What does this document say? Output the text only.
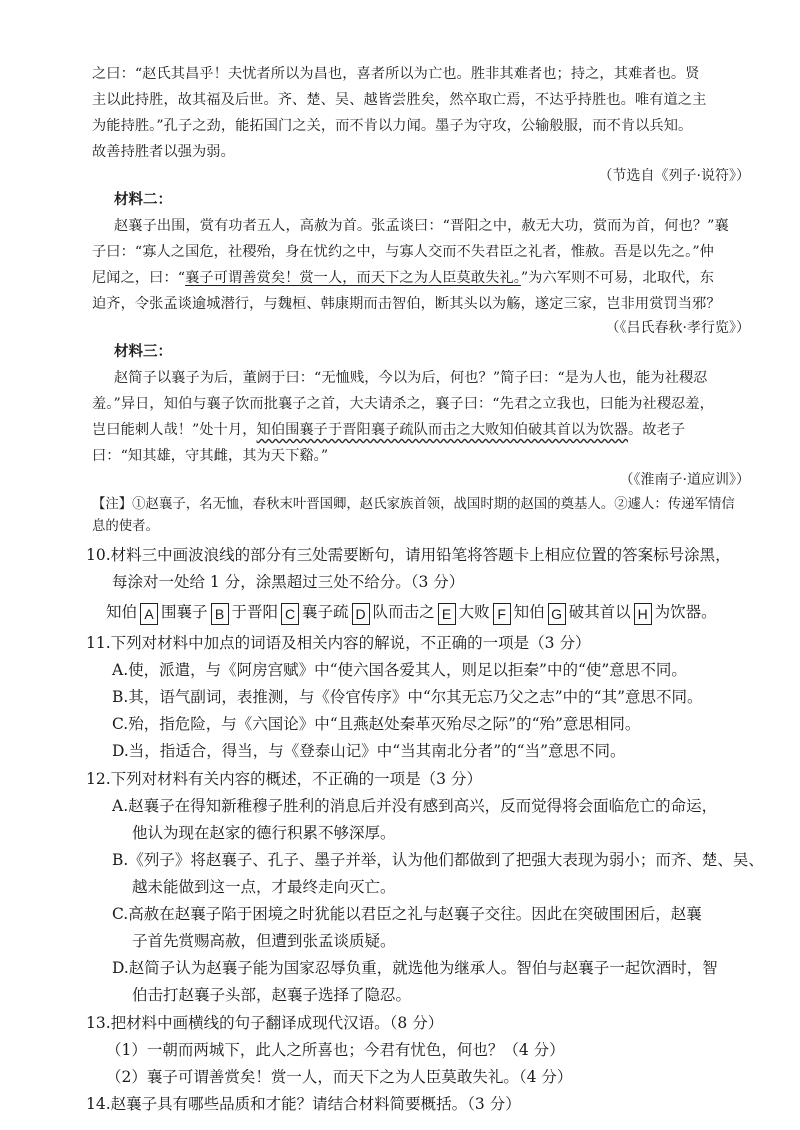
之曰：“赵氏其昌乎！夫忧者所以为昌也，喜者所以为亡也。胜非其难者也；持之，其难者也。贤
主以此持胜，故其福及后世。齐、楚、吴、越皆尝胜矣，然卒取亡焉，不达乎持胜也。唯有道之主
为能持胜。”孔子之劲，能拓国门之关，而不肯以力闻。墨子为守攻，公输般服，而不肯以兵知。
故善持胜者以强为弱。
（节选自《列子·说符》）
材料二：
赵襄子出围，赏有功者五人，高赦为首。张孟谈曰：“晋阳之中，赦无大功，赏而为首，何也？”襄
子曰：“寡人之国危，社稷殆，身在忧约之中，与寡人交而不失君臣之礼者，惟赦。吾是以先之。”仲
尼闻之，曰：“襄子可谓善赏矣！赏一人，而天下之为人臣莫敢失礼。”为六军则不可易，北取代，东
迫齐，令张孟谈逾城潜行，与魏桓、韩康期而击智伯，断其头以为觞，遂定三家，岂非用赏罚当邪？
（《吕氏春秋·孝行览》）
材料三：
赵简子以襄子为后，董阏于曰：“无恤贱，今以为后，何也？”简子曰：“是为人也，能为社稷忍
羞。”异日，知伯与襄子饮而批襄子之首，大夫请杀之，襄子曰：“先君之立我也，曰能为社稷忍羞，
岂曰能刺人哉！”处十月，知伯围襄子于晋阳襄子疏队而击之大败知伯破其首以为饮器。故老子
曰：“知其雄，守其雌，其为天下谿。”
（《淮南子·道应训》）
【注】①赵襄子，名无恤，春秋末叶晋国卿，赵氏家族首领，战国时期的赵国的奠基人。②遽人：传递军情信
息的使者。
10.材料三中画波浪线的部分有三处需要断句，请用铅笔将答题卡上相应位置的答案标号涂黑，
每涂对一处给 1 分，涂黑超过三处不给分。（3 分）
知伯 A 围襄子 B 于晋阳 C 襄子疏 D 队而击之 E 大败 F 知伯 G 破其首以 H 为饮器。
11.下列对材料中加点的词语及相关内容的解说，不正确的一项是（3 分）
A.使，派遣，与《阿房宫赋》中“使六国各爱其人，则足以拒秦”中的“使”意思不同。
B.其，语气副词，表推测，与《伶官传序》中“尔其无忘乃父之志”中的“其”意思不同。
C.殆，指危险，与《六国论》中“且燕赵处秦革灭殆尽之际”的“殆”意思相同。
D.当，指适合，得当，与《登泰山记》中“当其南北分者”的“当”意思不同。
12.下列对材料有关内容的概述，不正确的一项是（3 分）
A.赵襄子在得知新稚穆子胜利的消息后并没有感到高兴，反而觉得将会面临危亡的命运，
他认为现在赵家的德行积累不够深厚。
B.《列子》将赵襄子、孔子、墨子并举，认为他们都做到了把强大表现为弱小；而齐、楚、吴、
越未能做到这一点，才最终走向灭亡。
C.高赦在赵襄子陷于困境之时犹能以君臣之礼与赵襄子交往。因此在突破围困后，赵襄
子首先赏赐高赦，但遭到张孟谈质疑。
D.赵简子认为赵襄子能为国家忍辱负重，就选他为继承人。智伯与赵襄子一起饮酒时，智
伯击打赵襄子头部，赵襄子选择了隐忍。
13.把材料中画横线的句子翻译成现代汉语。（8 分）
（1）一朝而两城下，此人之所喜也；今君有忧色，何也？（4 分）
（2）襄子可谓善赏矣！赏一人，而天下之为人臣莫敢失礼。（4 分）
14.赵襄子具有哪些品质和才能？请结合材料简要概括。（3 分）
